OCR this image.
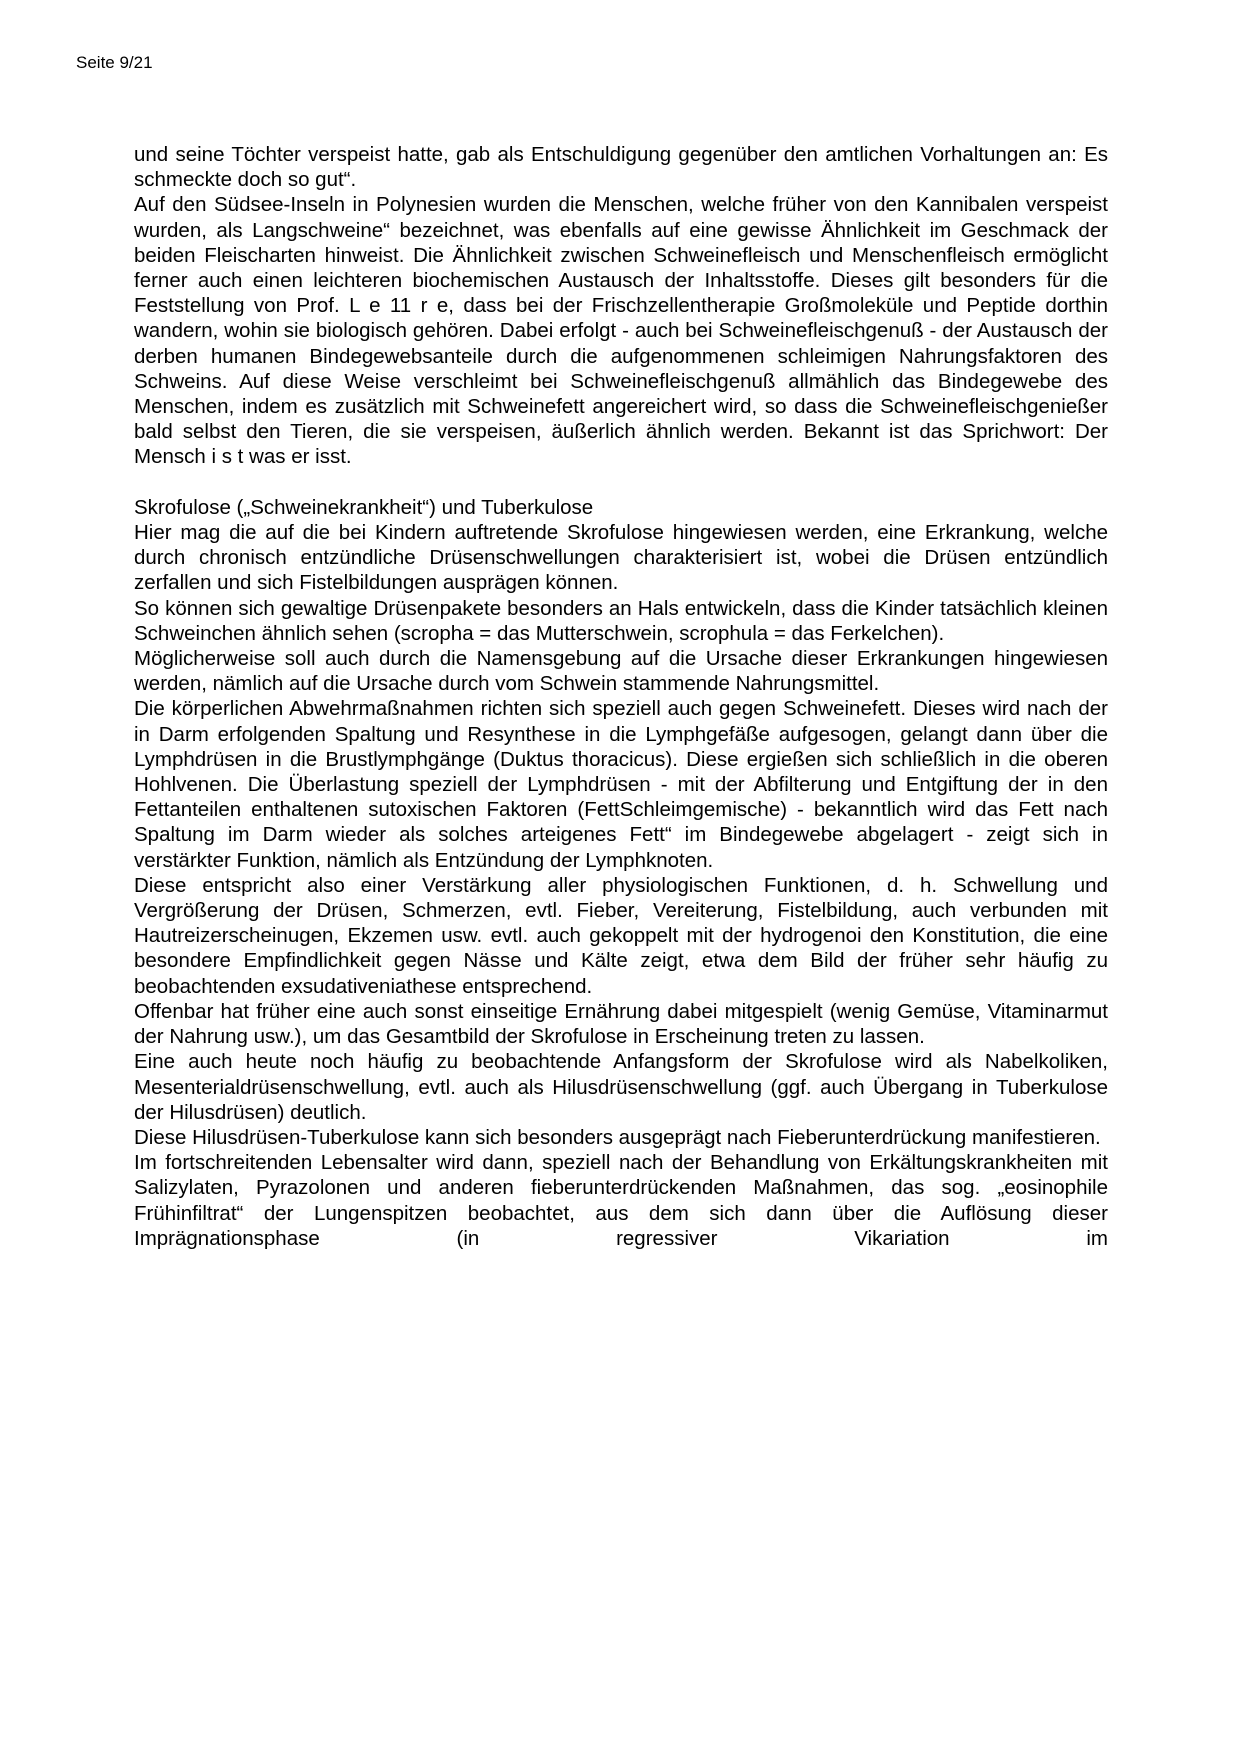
Seite 9/21

und seine Töchter verspeist hatte, gab als Entschuldigung gegenüber den amtlichen Vorhaltungen an: Es schmeckte doch so gut“.

Auf den Südsee-Inseln in Polynesien wurden die Menschen, welche früher von den Kannibalen verspeist wurden, als Langschweine“ bezeichnet, was ebenfalls auf eine gewisse Ähnlichkeit im Geschmack der beiden Fleischarten hinweist. Die Ähnlichkeit zwischen Schweinefleisch und Menschenfleisch ermöglicht ferner auch einen leichteren biochemischen Austausch der Inhaltsstoffe. Dieses gilt besonders für die Feststellung von Prof. L e 11 r e, dass bei der Frischzellentherapie Großmoleküle und Peptide dorthin wandern, wohin sie biologisch gehören. Dabei erfolgt - auch bei Schweinefleischgenuß - der Austausch der derben humanen Bindegewebsanteile durch die aufgenommenen schleimigen Nahrungsfaktoren des Schweins. Auf diese Weise verschleimt bei Schweinefleischgenuß allmählich das Bindegewebe des Menschen, indem es zusätzlich mit Schweinefett angereichert wird, so dass die Schweinefleischgenießer bald selbst den Tieren, die sie verspeisen, äußerlich ähnlich werden. Bekannt ist das Sprichwort: Der Mensch i s t was er isst.

Skrofulose („Schweinekrankheit“) und Tuberkulose

Hier mag die auf die bei Kindern auftretende Skrofulose hingewiesen werden, eine Erkrankung, welche durch chronisch entzündliche Drüsenschwellungen charakterisiert ist, wobei die Drüsen entzündlich zerfallen und sich Fistelbildungen ausprägen können.

So können sich gewaltige Drüsenpakete besonders an Hals entwickeln, dass die Kinder tatsächlich kleinen Schweinchen ähnlich sehen (scropha = das Mutterschwein, scrophula = das Ferkelchen).

Möglicherweise soll auch durch die Namensgebung auf die Ursache dieser Erkrankungen hingewiesen werden, nämlich auf die Ursache durch vom Schwein stammende Nahrungsmittel.

Die körperlichen Abwehrmaßnahmen richten sich speziell auch gegen Schweinefett. Dieses wird nach der in Darm erfolgenden Spaltung und Resynthese in die Lymphgefäße aufgesogen, gelangt dann über die Lymphdrüsen in die Brustlymphgänge (Duktus thoracicus). Diese ergießen sich schließlich in die oberen Hohlvenen. Die Überlastung speziell der Lymphdrüsen - mit der Abfilterung und Entgiftung der in den Fettanteilen enthaltenen sutoxischen Faktoren (FettSchleimgemische) - bekanntlich wird das Fett nach Spaltung im Darm wieder als solches arteigenes Fett“ im Bindegewebe abgelagert - zeigt sich in verstärkter Funktion, nämlich als Entzündung der Lymphknoten.

Diese entspricht also einer Verstärkung aller physiologischen Funktionen, d. h. Schwellung und Vergrößerung der Drüsen, Schmerzen, evtl. Fieber, Vereiterung, Fistelbildung, auch verbunden mit Hautreizerscheinugen, Ekzemen usw. evtl. auch gekoppelt mit der hydrogenoi den Konstitution, die eine besondere Empfindlichkeit gegen Nässe und Kälte zeigt, etwa dem Bild der früher sehr häufig zu beobachtenden exsudativeniathese entsprechend.

Offenbar hat früher eine auch sonst einseitige Ernährung dabei mitgespielt (wenig Gemüse, Vitaminarmut der Nahrung usw.), um das Gesamtbild der Skrofulose in Erscheinung treten zu lassen.

Eine auch heute noch häufig zu beobachtende Anfangsform der Skrofulose wird als Nabelkoliken, Mesenterialdrüsenschwellung, evtl. auch als Hilusdrüsenschwellung (ggf. auch Übergang in Tuberkulose der Hilusdrüsen) deutlich.

Diese Hilusdrüsen-Tuberkulose kann sich besonders ausgeprägt nach Fieberunterdrückung manifestieren.

Im fortschreitenden Lebensalter wird dann, speziell nach der Behandlung von Erkältungskrankheiten mit Salizylaten, Pyrazolonen und anderen fieberunterdrückenden Maßnahmen, das sog. „eosinophile Frühinfiltrat“ der Lungenspitzen beobachtet, aus dem sich dann über die Auflösung dieser Imprägnationsphase (in regressiver Vikariation im
